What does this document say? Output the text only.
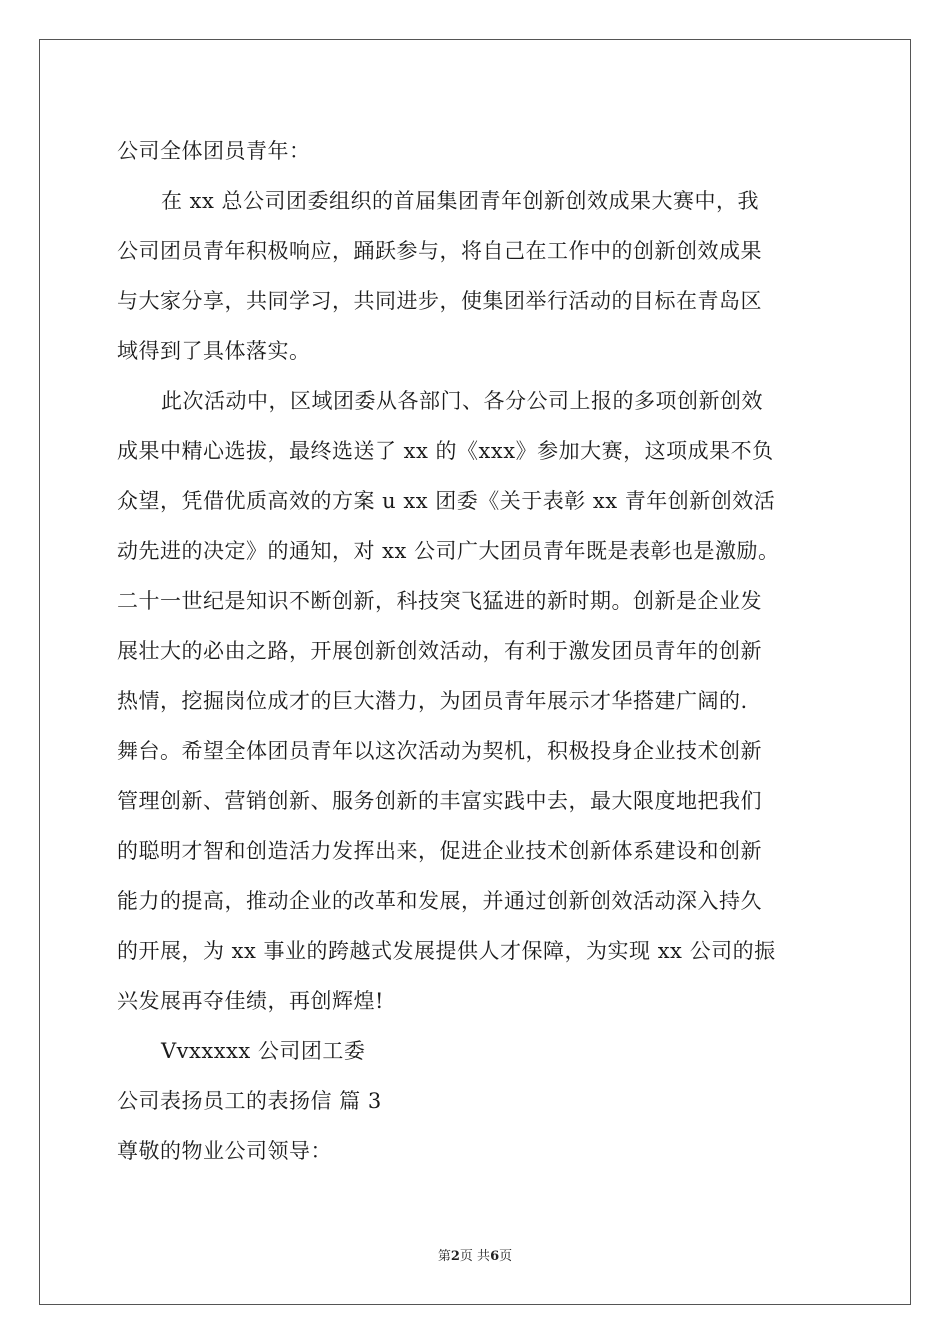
公司全体团员青年：
在 xx 总公司团委组织的首届集团青年创新创效成果大赛中，我
公司团员青年积极响应，踊跃参与，将自己在工作中的创新创效成果
与大家分享，共同学习，共同进步，使集团举行活动的目标在青岛区
域得到了具体落实。
此次活动中，区域团委从各部门、各分公司上报的多项创新创效
成果中精心选拔，最终选送了 xx 的《xxx》参加大赛，这项成果不负
众望，凭借优质高效的方案 u xx 团委《关于表彰 xx 青年创新创效活
动先进的决定》的通知，对 xx 公司广大团员青年既是表彰也是激励。
二十一世纪是知识不断创新，科技突飞猛进的新时期。创新是企业发
展壮大的必由之路，开展创新创效活动，有利于激发团员青年的创新
热情，挖掘岗位成才的巨大潜力，为团员青年展示才华搭建广阔的.
舞台。希望全体团员青年以这次活动为契机，积极投身企业技术创新
管理创新、营销创新、服务创新的丰富实践中去，最大限度地把我们
的聪明才智和创造活力发挥出来，促进企业技术创新体系建设和创新
能力的提高，推动企业的改革和发展，并通过创新创效活动深入持久
的开展，为 xx 事业的跨越式发展提供人才保障，为实现 xx 公司的振
兴发展再夺佳绩，再创辉煌!
Vvxxxxx 公司团工委
公司表扬员工的表扬信 篇 3
尊敬的物业公司领导：
第2页 共6页
